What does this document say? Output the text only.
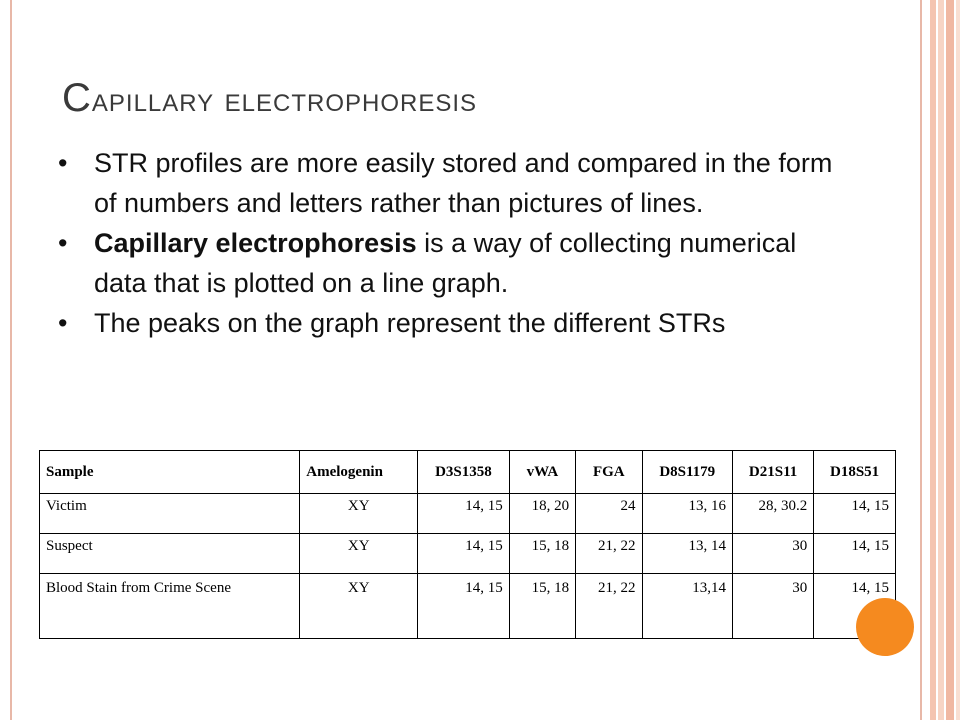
Capillary electrophoresis
• STR profiles are more easily stored and compared in the form of numbers and letters rather than pictures of lines.
• Capillary electrophoresis is a way of collecting numerical data that is plotted on a line graph.
• The peaks on the graph represent the different STRs
Sample	Amelogenin	D3S1358	vWA	FGA	D8S1179	D21S11	D18S51
Victim	XY	14, 15	18, 20	24	13, 16	28, 30.2	14, 15
Suspect	XY	14, 15	15, 18	21, 22	13, 14	30	14, 15
Blood Stain from Crime Scene	XY	14, 15	15, 18	21, 22	13,14	30	14, 15
